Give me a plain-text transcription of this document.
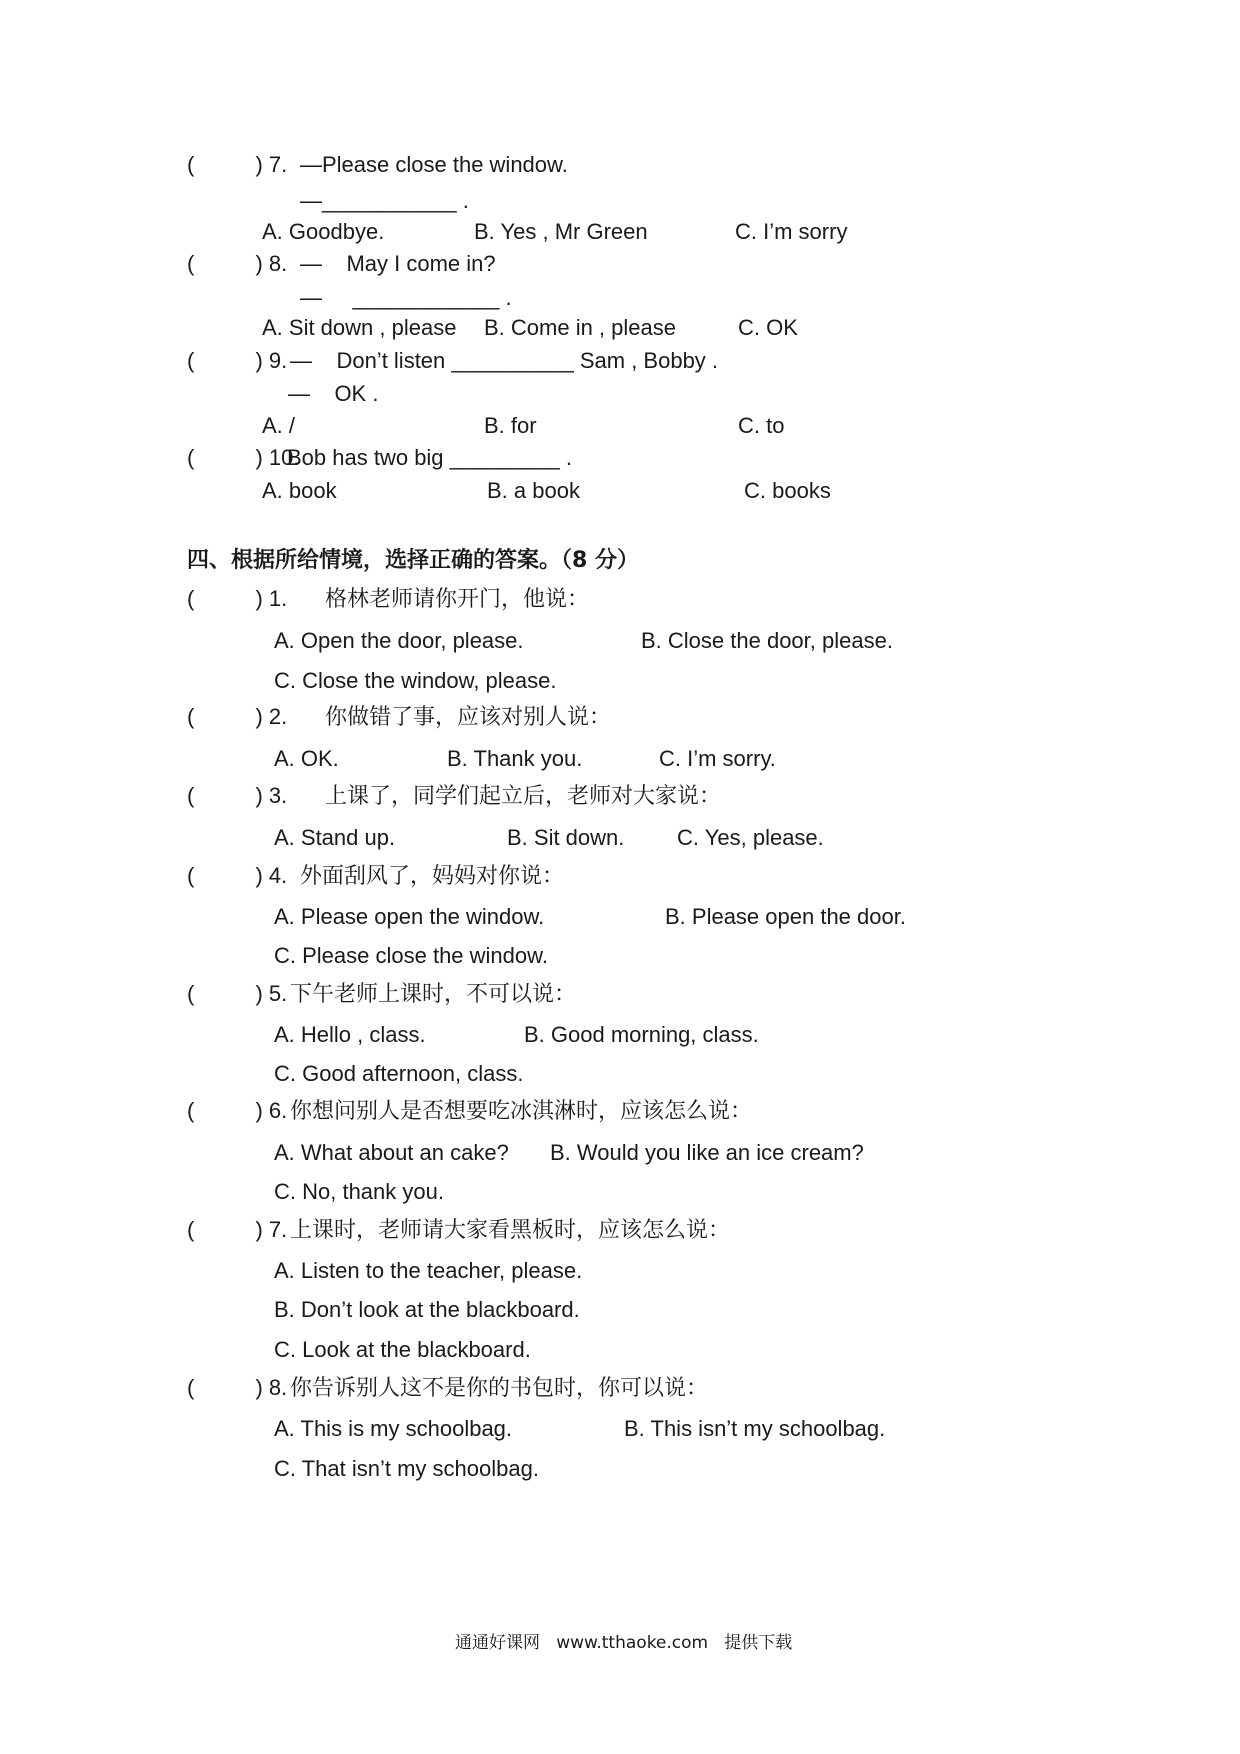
(          ) 7. —Please close the window.

—___________ .

A. Goodbye.	B. Yes , Mr Green	C. I’m sorry

(          ) 8. —    May I come in?

—     ____________ .

A. Sit down , please B. Come in , please	C. OK

(          ) 9. —    Don’t listen __________ Sam , Bobby .

—    OK .

A. /	B. for	C. to

(          ) 10.

Bob has two big _________ .

A. book	B. a book	C. books

四、根据所给情境，选择正确的答案。（8 分）

(          ) 1. 格林老师请你开门，他说：

A. Open the door, please.	B. Close the door, please.

C. Close the window, please.

(          ) 2. 你做错了事，应该对别人说：

A. OK.	B. Thank you.	C. I’m sorry.

(          ) 3. 上课了，同学们起立后，老师对大家说：

A. Stand up.	B. Sit down. C. Yes, please.

(          ) 4. 外面刮风了，妈妈对你说：

A. Please open the window.	B. Please open the door.

C. Please close the window.

(          ) 5. 下午老师上课时，不可以说：

A. Hello , class.	B. Good morning, class.

C. Good afternoon, class.

(          ) 6. 你想问别人是否想要吃冰淇淋时，应该怎么说：

A. What about an cake? B. Would you like an ice cream?

C. No, thank you.

(          ) 7. 上课时，老师请大家看黑板时，应该怎么说：

A. Listen to the teacher, please.

B. Don’t look at the blackboard.

C. Look at the blackboard.

(          ) 8. 你告诉别人这不是你的书包时，你可以说：

A. This is my schoolbag.	B. This isn’t my schoolbag.

C. That isn’t my schoolbag.

通通好课网   www.tthaoke.com   提供下载
